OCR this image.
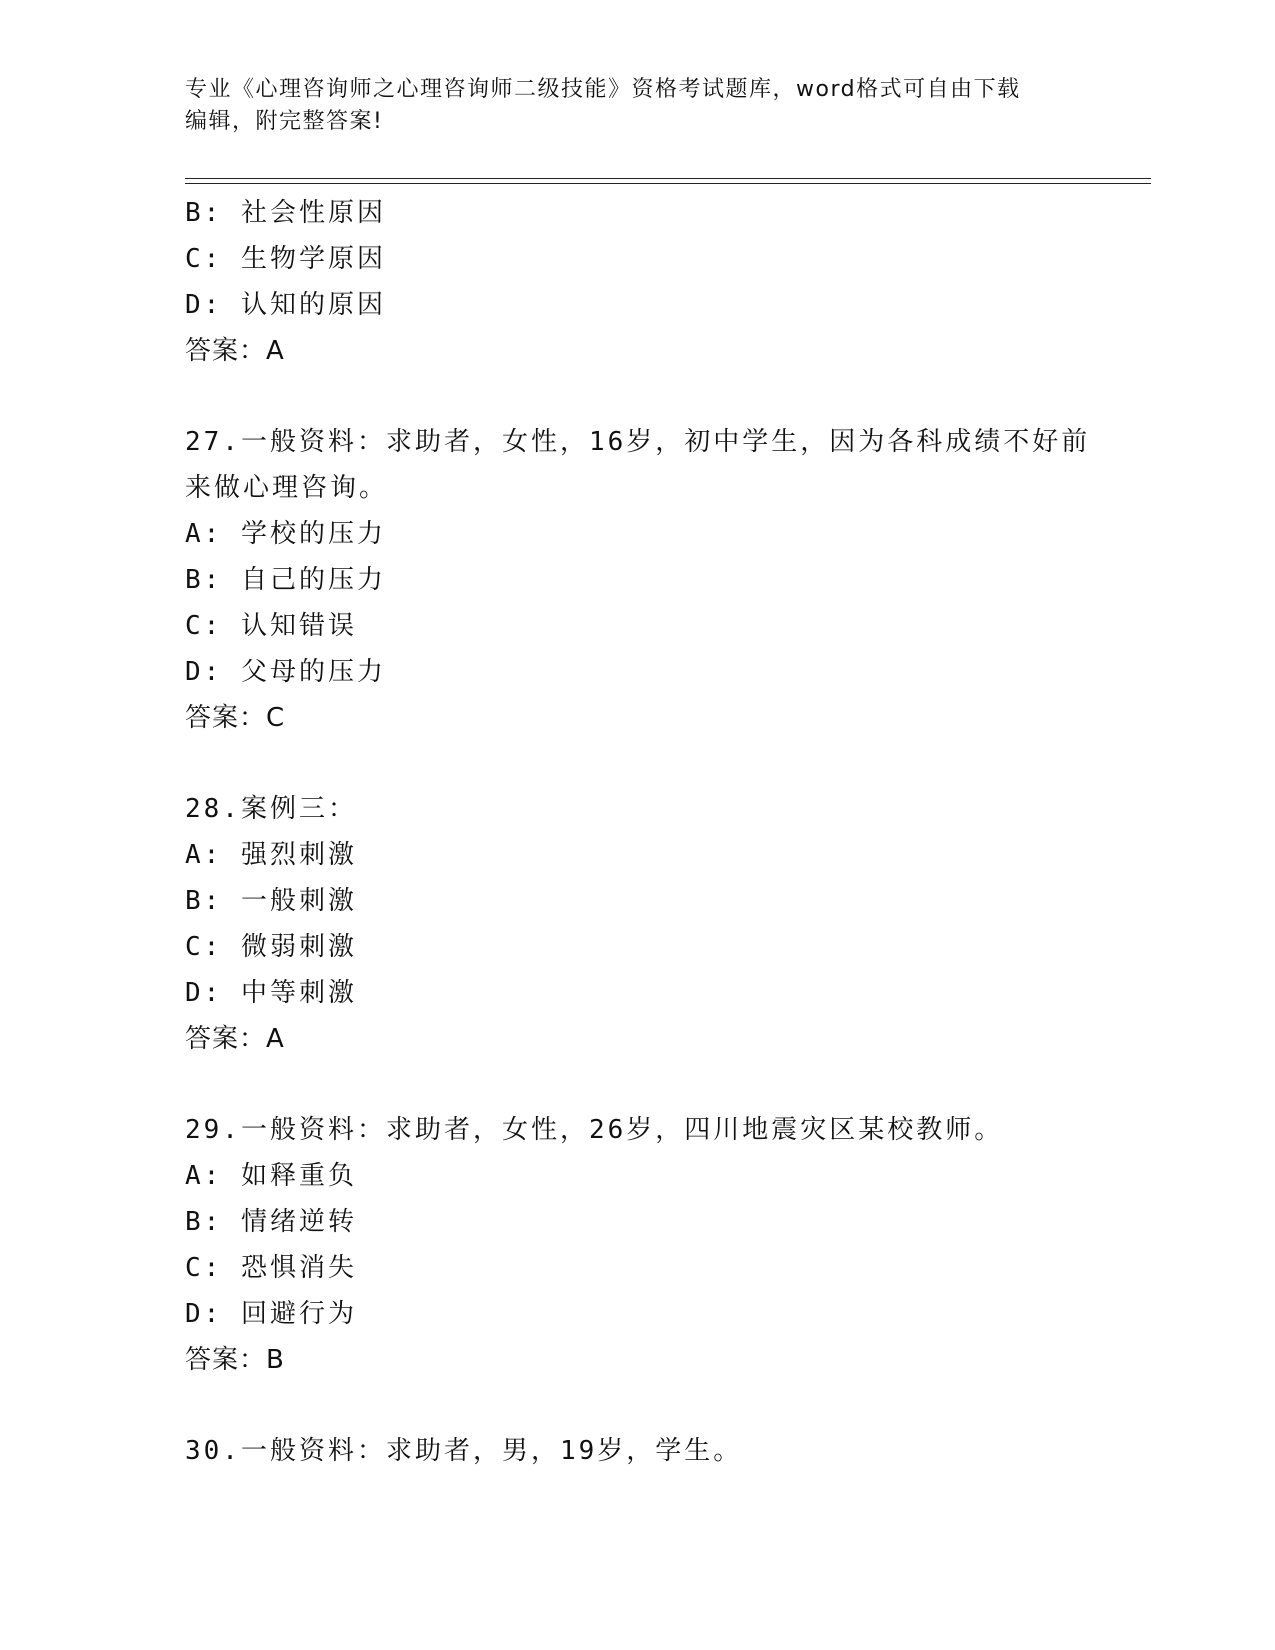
专业《心理咨询师之心理咨询师二级技能》资格考试题库，word格式可自由下载
编辑，附完整答案!
B: 社会性原因
C: 生物学原因
D: 认知的原因
答案：A
27.一般资料：求助者，女性，16岁，初中学生，因为各科成绩不好前
来做心理咨询。
A: 学校的压力
B: 自己的压力
C: 认知错误
D: 父母的压力
答案：C
28.案例三：
A: 强烈刺激
B: 一般刺激
C: 微弱刺激
D: 中等刺激
答案：A
29.一般资料：求助者，女性，26岁，四川地震灾区某校教师。
A: 如释重负
B: 情绪逆转
C: 恐惧消失
D: 回避行为
答案：B
30.一般资料：求助者，男，19岁，学生。
